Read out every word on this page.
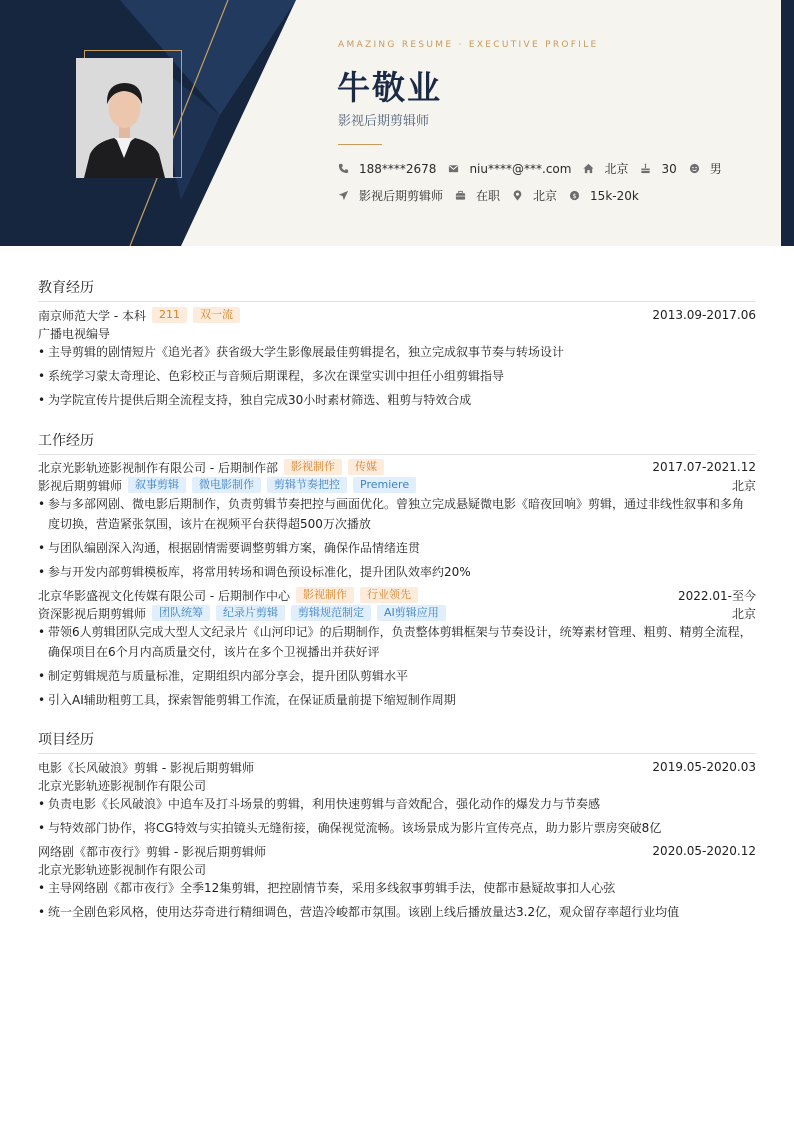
AMAZING RESUME · EXECUTIVE PROFILE
牛敬业
影视后期剪辑师
188****2678	niu****@***.com	北京	30	男
影视后期剪辑师	在职	北京 $ 15k-20k
教育经历
南京师范大学 - 本科	211	双一流	2013.09-2017.06
广播电视编导
• 主导剪辑的剧情短片《追光者》获省级大学生影像展最佳剪辑提名，独立完成叙事节奏与转场设计
• 系统学习蒙太奇理论、色彩校正与音频后期课程，多次在课堂实训中担任小组剪辑指导
• 为学院宣传片提供后期全流程支持，独自完成30小时素材筛选、粗剪与特效合成
工作经历
北京光影轨迹影视制作有限公司 - 后期制作部	影视制作	传媒	2017.07-2021.12
影视后期剪辑师	叙事剪辑	微电影制作	剪辑节奏把控	Premiere	北京
• 参与多部网剧、微电影后期制作，负责剪辑节奏把控与画面优化。曾独立完成悬疑微电影《暗夜回响》剪辑，通过非线性叙事和多角
度切换，营造紧张氛围，该片在视频平台获得超500万次播放
• 与团队编剧深入沟通，根据剧情需要调整剪辑方案，确保作品情绪连贯
• 参与开发内部剪辑模板库，将常用转场和调色预设标准化，提升团队效率约20%
北京华影盛视文化传媒有限公司 - 后期制作中心	影视制作	行业领先	2022.01-至今
资深影视后期剪辑师	团队统筹	纪录片剪辑	剪辑规范制定	AI剪辑应用	北京
• 带领6人剪辑团队完成大型人文纪录片《山河印记》的后期制作，负责整体剪辑框架与节奏设计，统筹素材管理、粗剪、精剪全流程，
确保项目在6个月内高质量交付，该片在多个卫视播出并获好评
• 制定剪辑规范与质量标准，定期组织内部分享会，提升团队剪辑水平
• 引入AI辅助粗剪工具，探索智能剪辑工作流，在保证质量前提下缩短制作周期
项目经历
电影《长风破浪》剪辑 - 影视后期剪辑师	2019.05-2020.03
北京光影轨迹影视制作有限公司
• 负责电影《长风破浪》中追车及打斗场景的剪辑，利用快速剪辑与音效配合，强化动作的爆发力与节奏感
• 与特效部门协作，将CG特效与实拍镜头无缝衔接，确保视觉流畅。该场景成为影片宣传亮点，助力影片票房突破8亿
网络剧《都市夜行》剪辑 - 影视后期剪辑师	2020.05-2020.12
北京光影轨迹影视制作有限公司
• 主导网络剧《都市夜行》全季12集剪辑，把控剧情节奏，采用多线叙事剪辑手法，使都市悬疑故事扣人心弦
• 统一全剧色彩风格，使用达芬奇进行精细调色，营造冷峻都市氛围。该剧上线后播放量达3.2亿，观众留存率超行业均值
